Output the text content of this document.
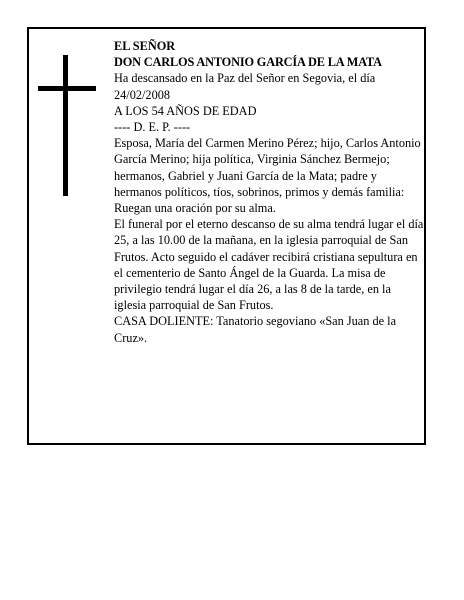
EL SEÑOR

DON CARLOS ANTONIO GARCÍA DE LA MATA

Ha descansado en la Paz del Señor en Segovia, el día 24/02/2008

A LOS 54 AÑOS DE EDAD

---- D. E. P. ----

Esposa, María del Carmen Merino Pérez; hijo, Carlos Antonio García Merino; hija política, Virginia Sánchez Bermejo; hermanos, Gabriel y Juani García de la Mata; padre y hermanos políticos, tíos, sobrinos, primos y demás familia:

Ruegan una oración por su alma.

El funeral por el eterno descanso de su alma tendrá lugar el día 25, a las 10.00 de la mañana, en la iglesia parroquial de San Frutos. Acto seguido el cadáver recibirá cristiana sepultura en el cementerio de Santo Ángel de la Guarda. La misa de privilegio tendrá lugar el día 26, a las 8 de la tarde, en la iglesia parroquial de San Frutos.

CASA DOLIENTE: Tanatorio segoviano «San Juan de la Cruz».
